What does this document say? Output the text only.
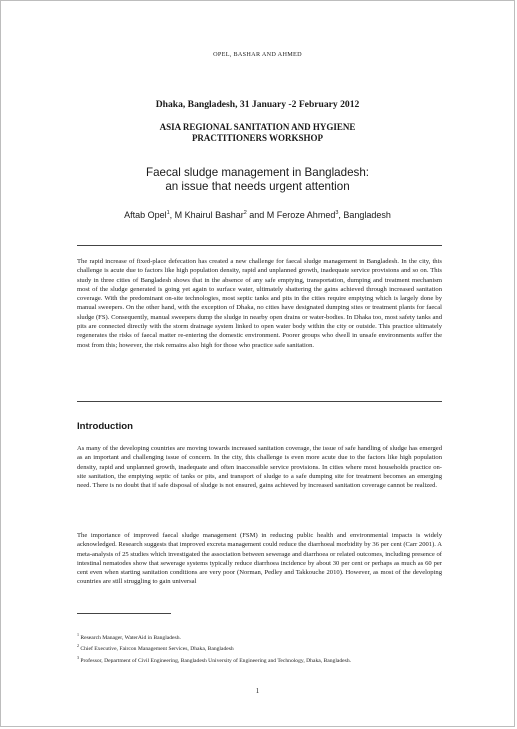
OPEL, BASHAR AND AHMED
Dhaka, Bangladesh, 31 January -2 February 2012
ASIA REGIONAL SANITATION AND HYGIENE
PRACTITIONERS WORKSHOP
Faecal sludge management in Bangladesh:
an issue that needs urgent attention
Aftab Opel$^1$, M Khairul Bashar$^2$ and M Feroze Ahmed$^3$, Bangladesh

The rapid increase of fixed-place defecation has created a new challenge for faecal sludge management in Bangladesh. In the city, this challenge is acute due to factors like high population density, rapid and unplanned growth, inadequate service provisions and so on. This study in three cities of Bangladesh shows that in the absence of any safe emptying, transportation, dumping and treatment mechanism most of the sludge generated is going yet again to surface water, ultimately shattering the gains achieved through increased sanitation coverage. With the predominant on-site technologies, most septic tanks and pits in the cities require emptying which is largely done by manual sweepers. On the other hand, with the exception of Dhaka, no cities have designated dumping sites or treatment plants for faecal sludge (FS). Consequently, manual sweepers dump the sludge in nearby open drains or water-bodies. In Dhaka too, most safety tanks and pits are connected directly with the storm drainage system linked to open water body within the city or outside. This practice ultimately regenerates the risks of faecal matter re-entering the domestic environment. Poorer groups who dwell in unsafe environments suffer the most from this; however, the risk remains also high for those who practice safe sanitation.

Introduction

As many of the developing countries are moving towards increased sanitation coverage, the issue of safe handling of sludge has emerged as an important and challenging issue of concern. In the city, this challenge is even more acute due to the factors like high population density, rapid and unplanned growth, inadequate and often inaccessible service provisions. In cities where most households practice on-site sanitation, the emptying septic of tanks or pits, and transport of sludge to a safe dumping site for treatment becomes an emerging need. There is no doubt that if safe disposal of sludge is not ensured, gains achieved by increased sanitation coverage cannot be realized.

The importance of improved faecal sludge management (FSM) in reducing public health and environmental impacts is widely acknowledged. Research suggests that improved excreta management could reduce the diarrhoeal morbidity by 36 per cent (Carr 2001). A meta-analysis of 25 studies which investigated the association between sewerage and diarrhoea or related outcomes, including presence of intestinal nematodes show that sewerage systems typically reduce diarrhoea incidence by about 30 per cent or perhaps as much as 60 per cent even when starting sanitation conditions are very poor (Norman, Pedley and Takkouche 2010). However, as most of the developing countries are still struggling to gain universal

$^1$ Research Manager, WaterAid in Bangladesh.
$^2$ Chief Executive, Faircon Management Services, Dhaka, Bangladesh
$^3$ Professor, Department of Civil Engineering, Bangladesh University of Engineering and Technology, Dhaka, Bangladesh.
1
